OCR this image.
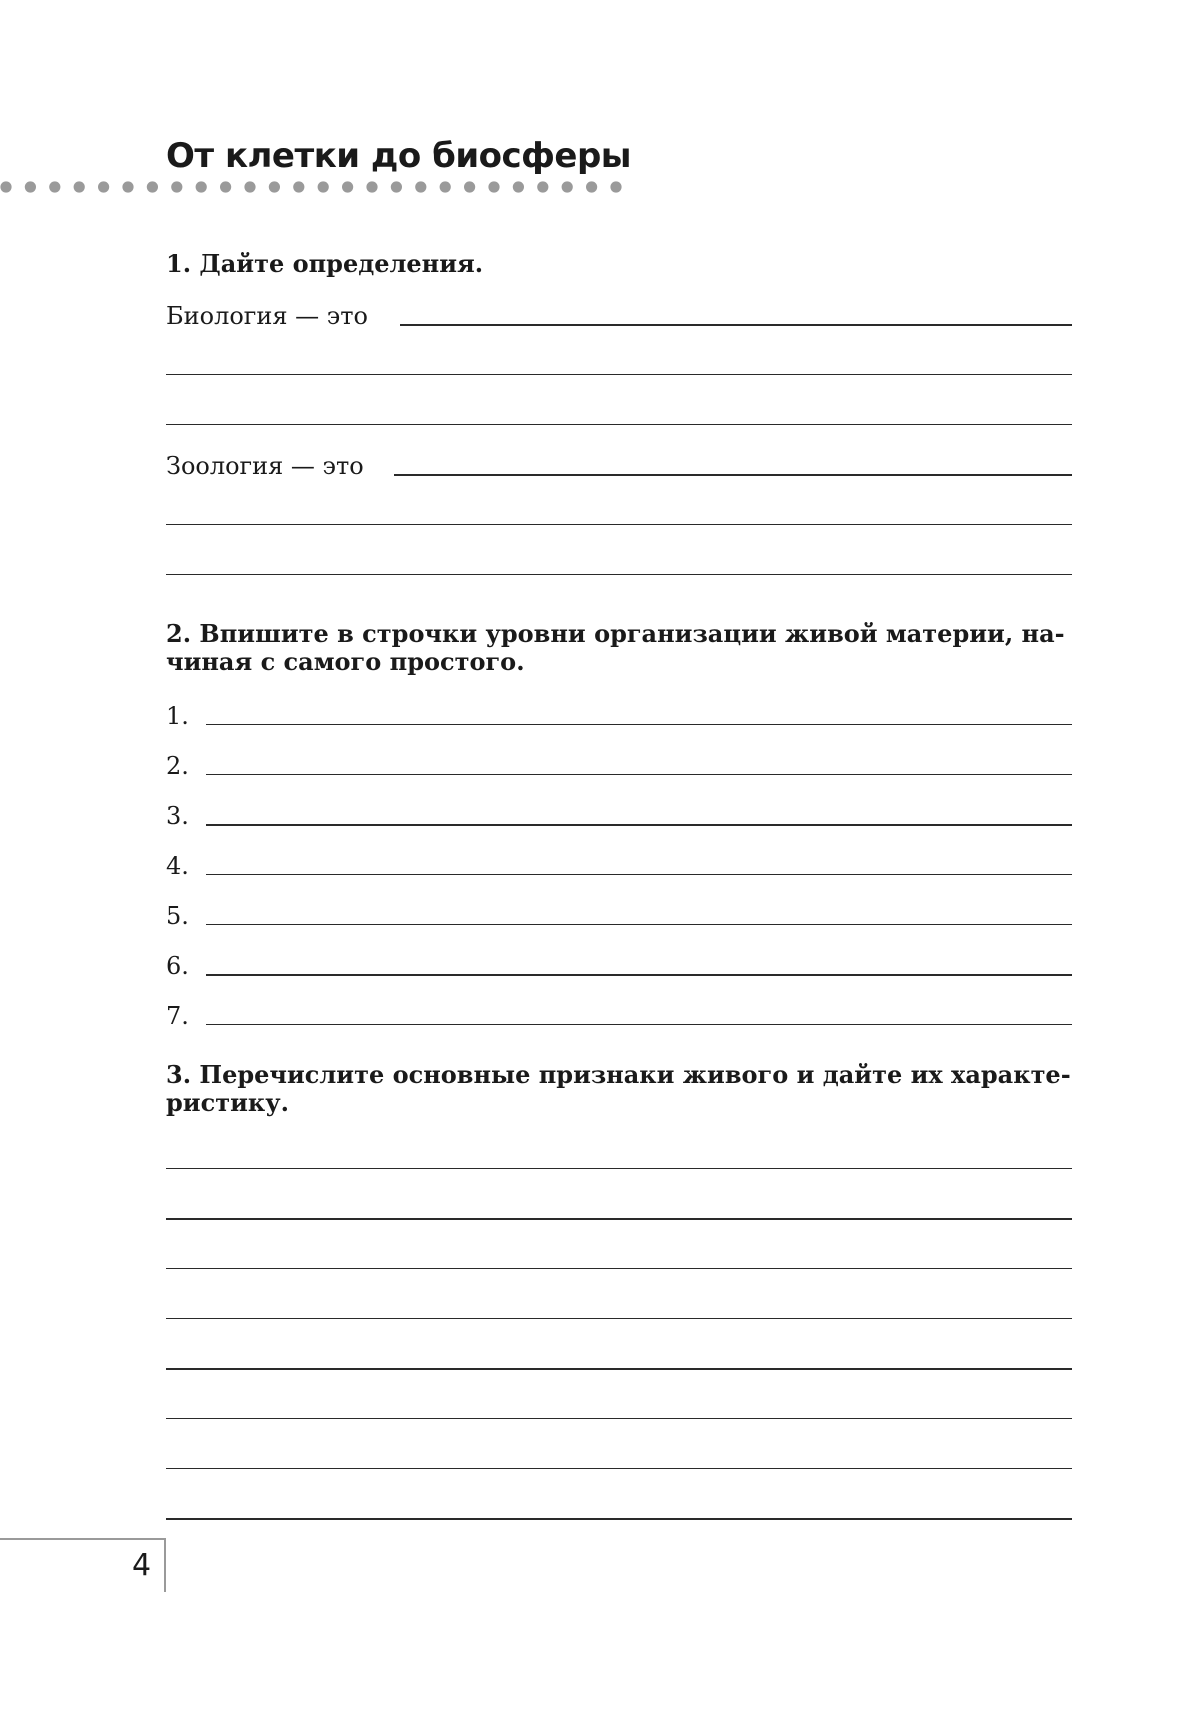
От клетки до биосферы
1. Дайте определения.
Биология — это
Зоология — это
2. Впишите в строчки уровни организации живой материи, на-
чиная с самого простого.
1.
2.
3.
4.
5.
6.
7.
3. Перечислите основные признаки живого и дайте их характе-
ристику.
4
